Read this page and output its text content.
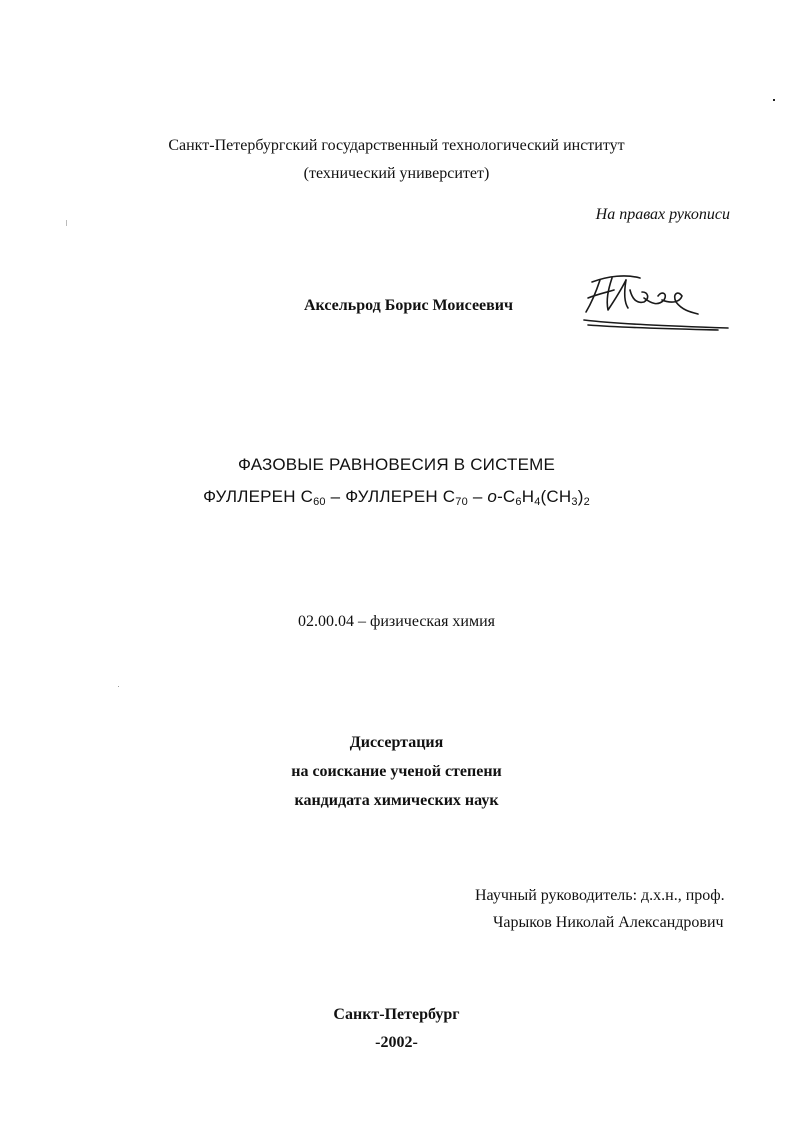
Санкт-Петербургский государственный технологический институт
(технический университет)
На правах рукописи
Аксельрод Борис Моисеевич
ФАЗОВЫЕ РАВНОВЕСИЯ В СИСТЕМЕ
ФУЛЛЕРЕН $С_{60}$ – ФУЛЛЕРЕН $С_{70} - o-C_6H_4(CH_3)_2$
02.00.04 – физическая химия
Диссертация
на соискание ученой степени
кандидата химических наук
Научный руководитель: д.х.н., проф.
Чарыков Николай Александрович
Санкт-Петербург
-2002-
